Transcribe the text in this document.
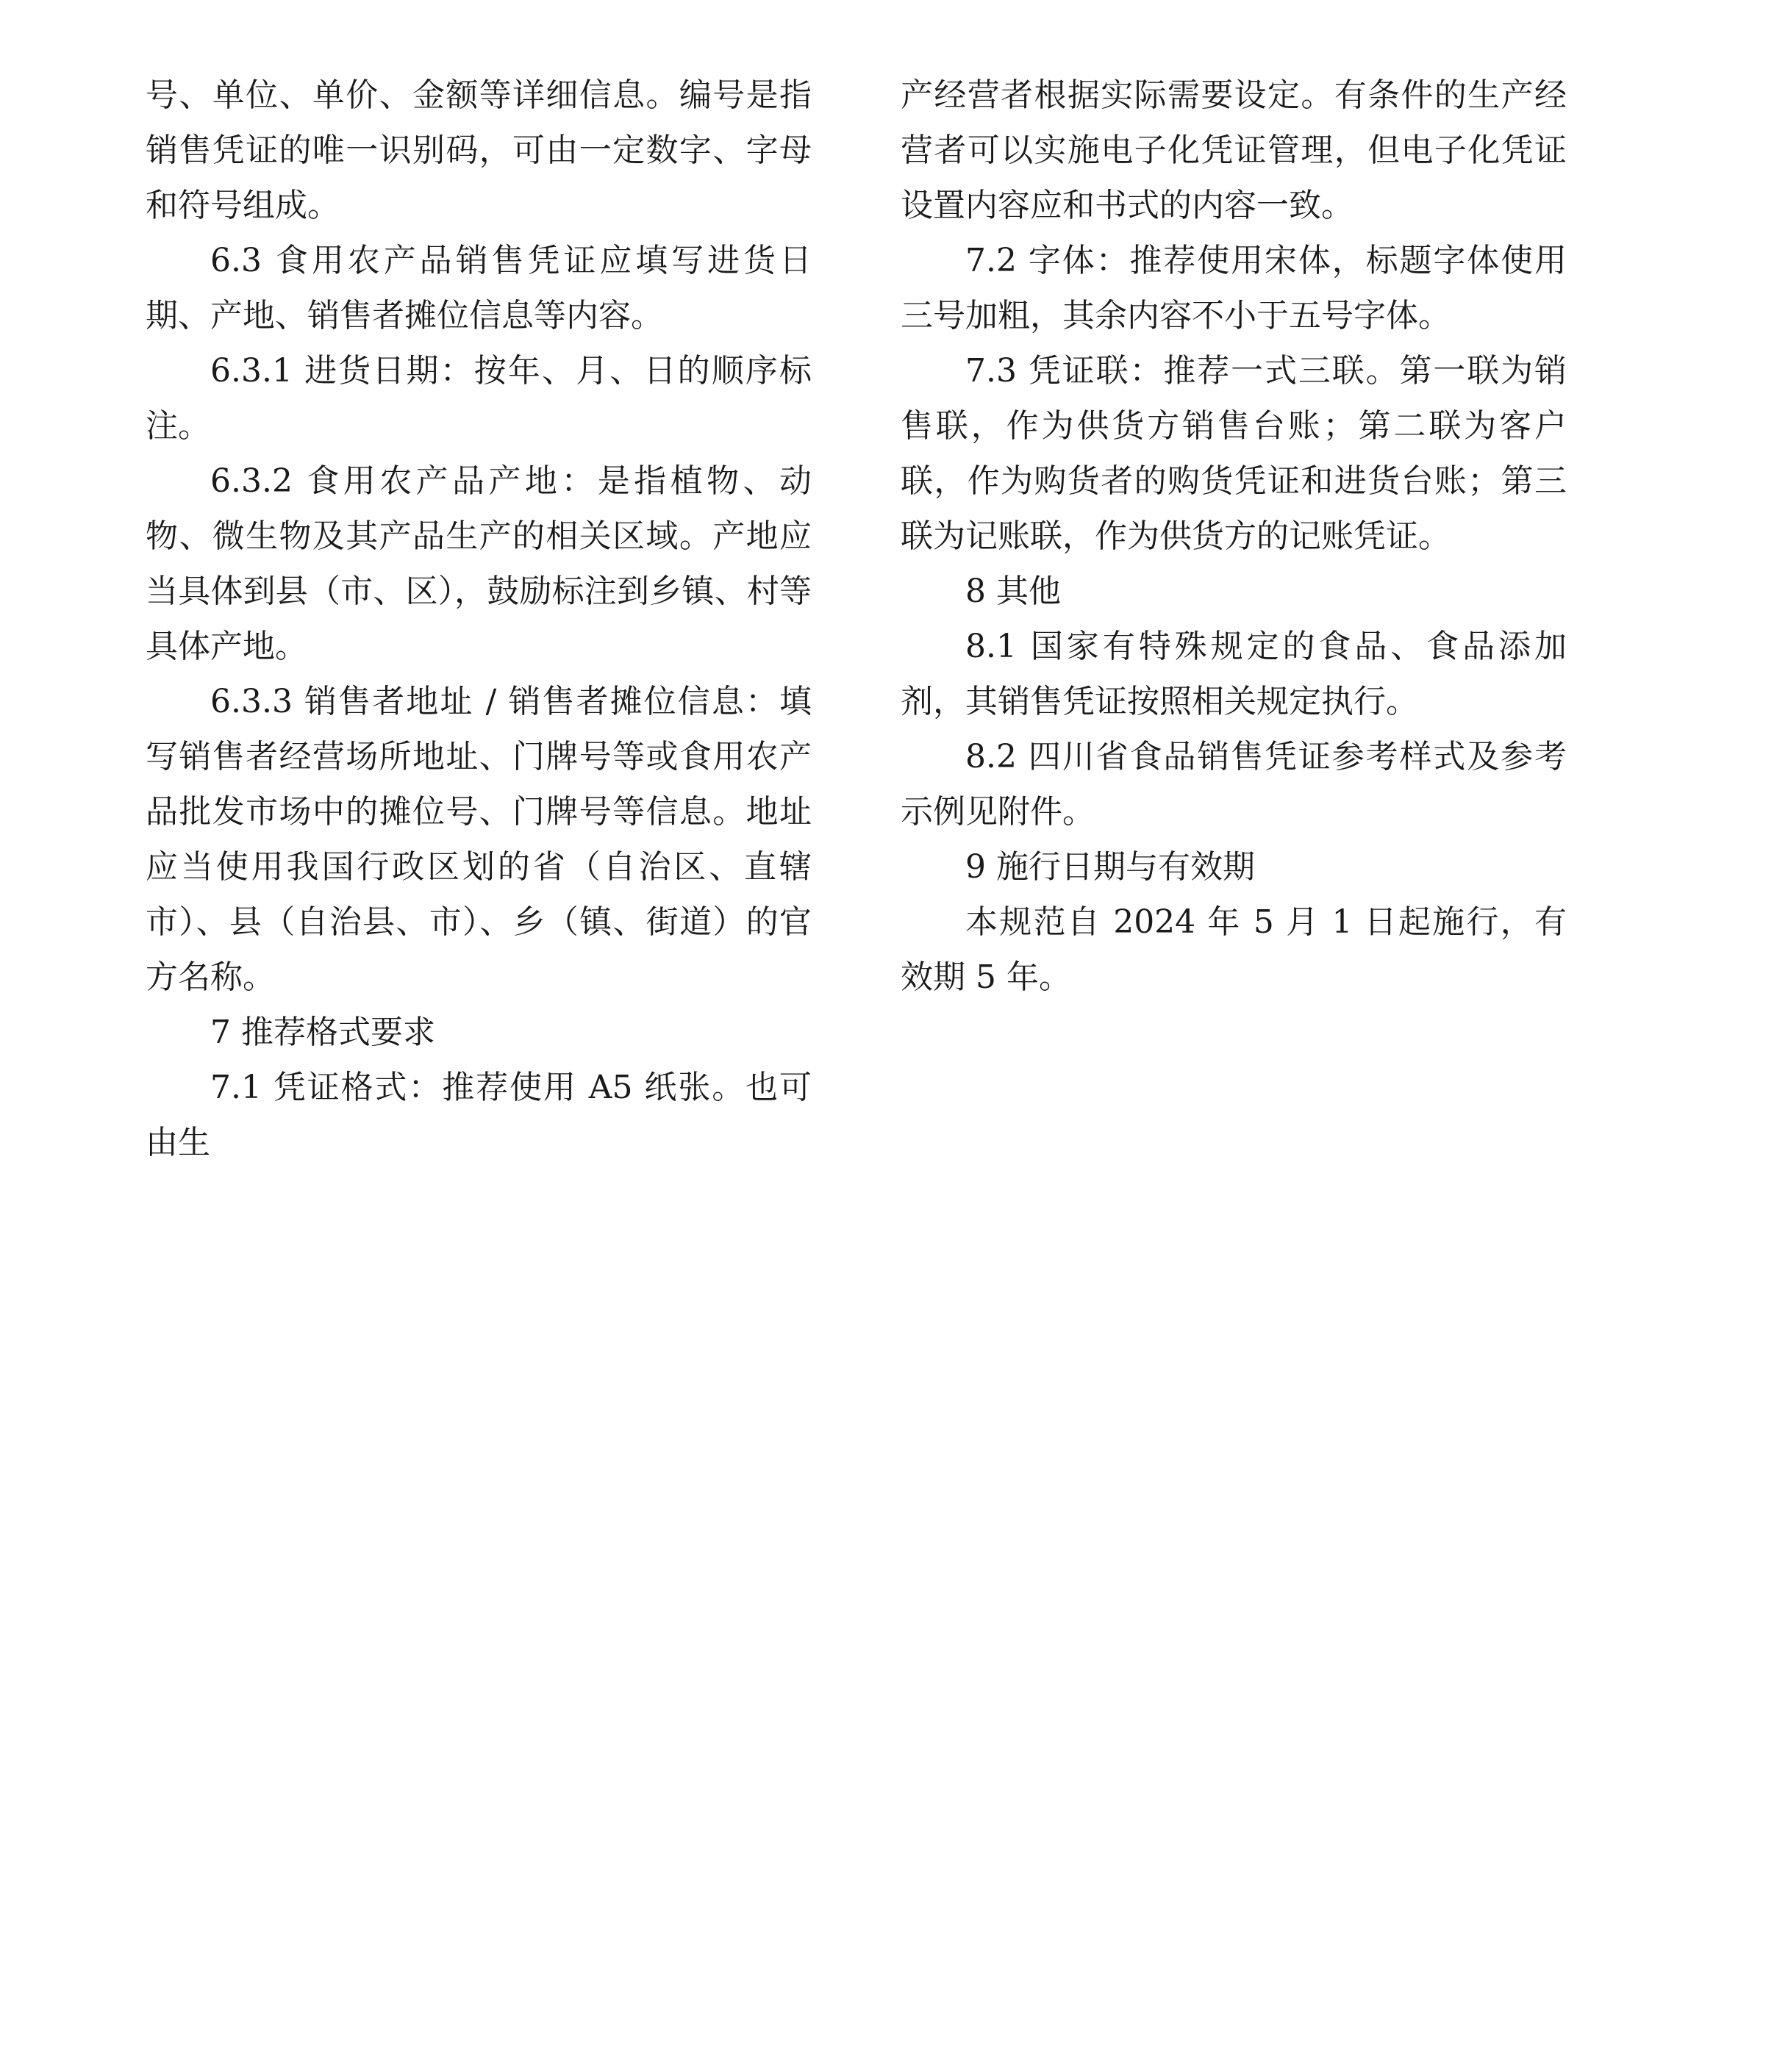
号、单位、单价、金额等详细信息。编号是指销售凭证的唯一识别码，可由一定数字、字母和符号组成。

6.3 食用农产品销售凭证应填写进货日期、产地、销售者摊位信息等内容。

6.3.1 进货日期：按年、月、日的顺序标注。

6.3.2 食用农产品产地：是指植物、动物、微生物及其产品生产的相关区域。产地应当具体到县（市、区），鼓励标注到乡镇、村等具体产地。

6.3.3 销售者地址 / 销售者摊位信息：填写销售者经营场所地址、门牌号等或食用农产品批发市场中的摊位号、门牌号等信息。地址应当使用我国行政区划的省（自治区、直辖市）、县（自治县、市）、乡（镇、街道）的官方名称。

7 推荐格式要求

7.1 凭证格式：推荐使用 A5 纸张。也可由生

产经营者根据实际需要设定。有条件的生产经营者可以实施电子化凭证管理，但电子化凭证设置内容应和书式的内容一致。

7.2 字体：推荐使用宋体，标题字体使用三号加粗，其余内容不小于五号字体。

7.3 凭证联：推荐一式三联。第一联为销售联，作为供货方销售台账；第二联为客户联，作为购货者的购货凭证和进货台账；第三联为记账联，作为供货方的记账凭证。

8 其他

8.1 国家有特殊规定的食品、食品添加剂，其销售凭证按照相关规定执行。

8.2 四川省食品销售凭证参考样式及参考示例见附件。

9 施行日期与有效期

本规范自 2024 年 5 月 1 日起施行，有效期 5 年。
